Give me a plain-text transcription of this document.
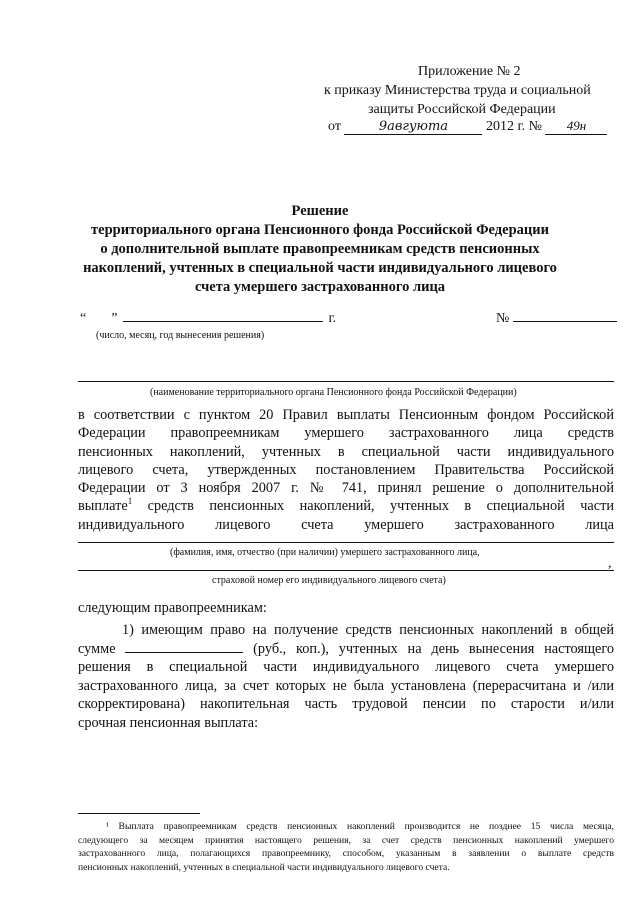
Приложение № 2
к приказу Министерства труда и социальной
защиты Российской Федерации
от	9авгуюта	2012 г. № 49н
Решение
территориального органа Пенсионного фонда Российской Федерации
о дополнительной выплате правопреемникам средств пенсионных
накоплений, учтенных в специальной части индивидуального лицевого
счета умершего застрахованного лица
“ ”	г.	№
(число, месяц, год вынесения решения)
(наименование территориального органа Пенсионного фонда Российской Федерации)
в соответствии с пунктом 20 Правил выплаты Пенсионным фондом Российской
Федерации правопреемникам умершего застрахованного лица средств
пенсионных накоплений, учтенных в специальной части индивидуального
лицевого счета, утвержденных постановлением Правительства Российской
Федерации от 3 ноября 2007 г. № 741, принял решение о дополнительной
выплате$^1$ средств пенсионных накоплений, учтенных в специальной части
индивидуального лицевого счета умершего застрахованного лица
(фамилия, имя, отчество (при наличии) умершего застрахованного лица,
,
страховой номер его индивидуального лицевого счета)
следующим правопреемникам:

1) имеющим право на получение средств пенсионных накоплений в общей

сумме	(руб., коп.), учтенных на день вынесения настоящего

решения в специальной части индивидуального лицевого счета умершего

застрахованного лица, за счет которых не была установлена (перерасчитана и /или

скорректирована) накопительная часть трудовой пенсии по старости и/или

срочная пенсионная выплата:

¹ Выплата правопреемникам средств пенсионных накоплений производится не позднее 15 числа месяца,

следующего за месяцем принятия настоящего решения, за счет средств пенсионных накоплений умершего

застрахованного лица, полагающихся правопреемнику, способом, указанным в заявлении о выплате средств

пенсионных накоплений, учтенных в специальной части индивидуального лицевого счета.
